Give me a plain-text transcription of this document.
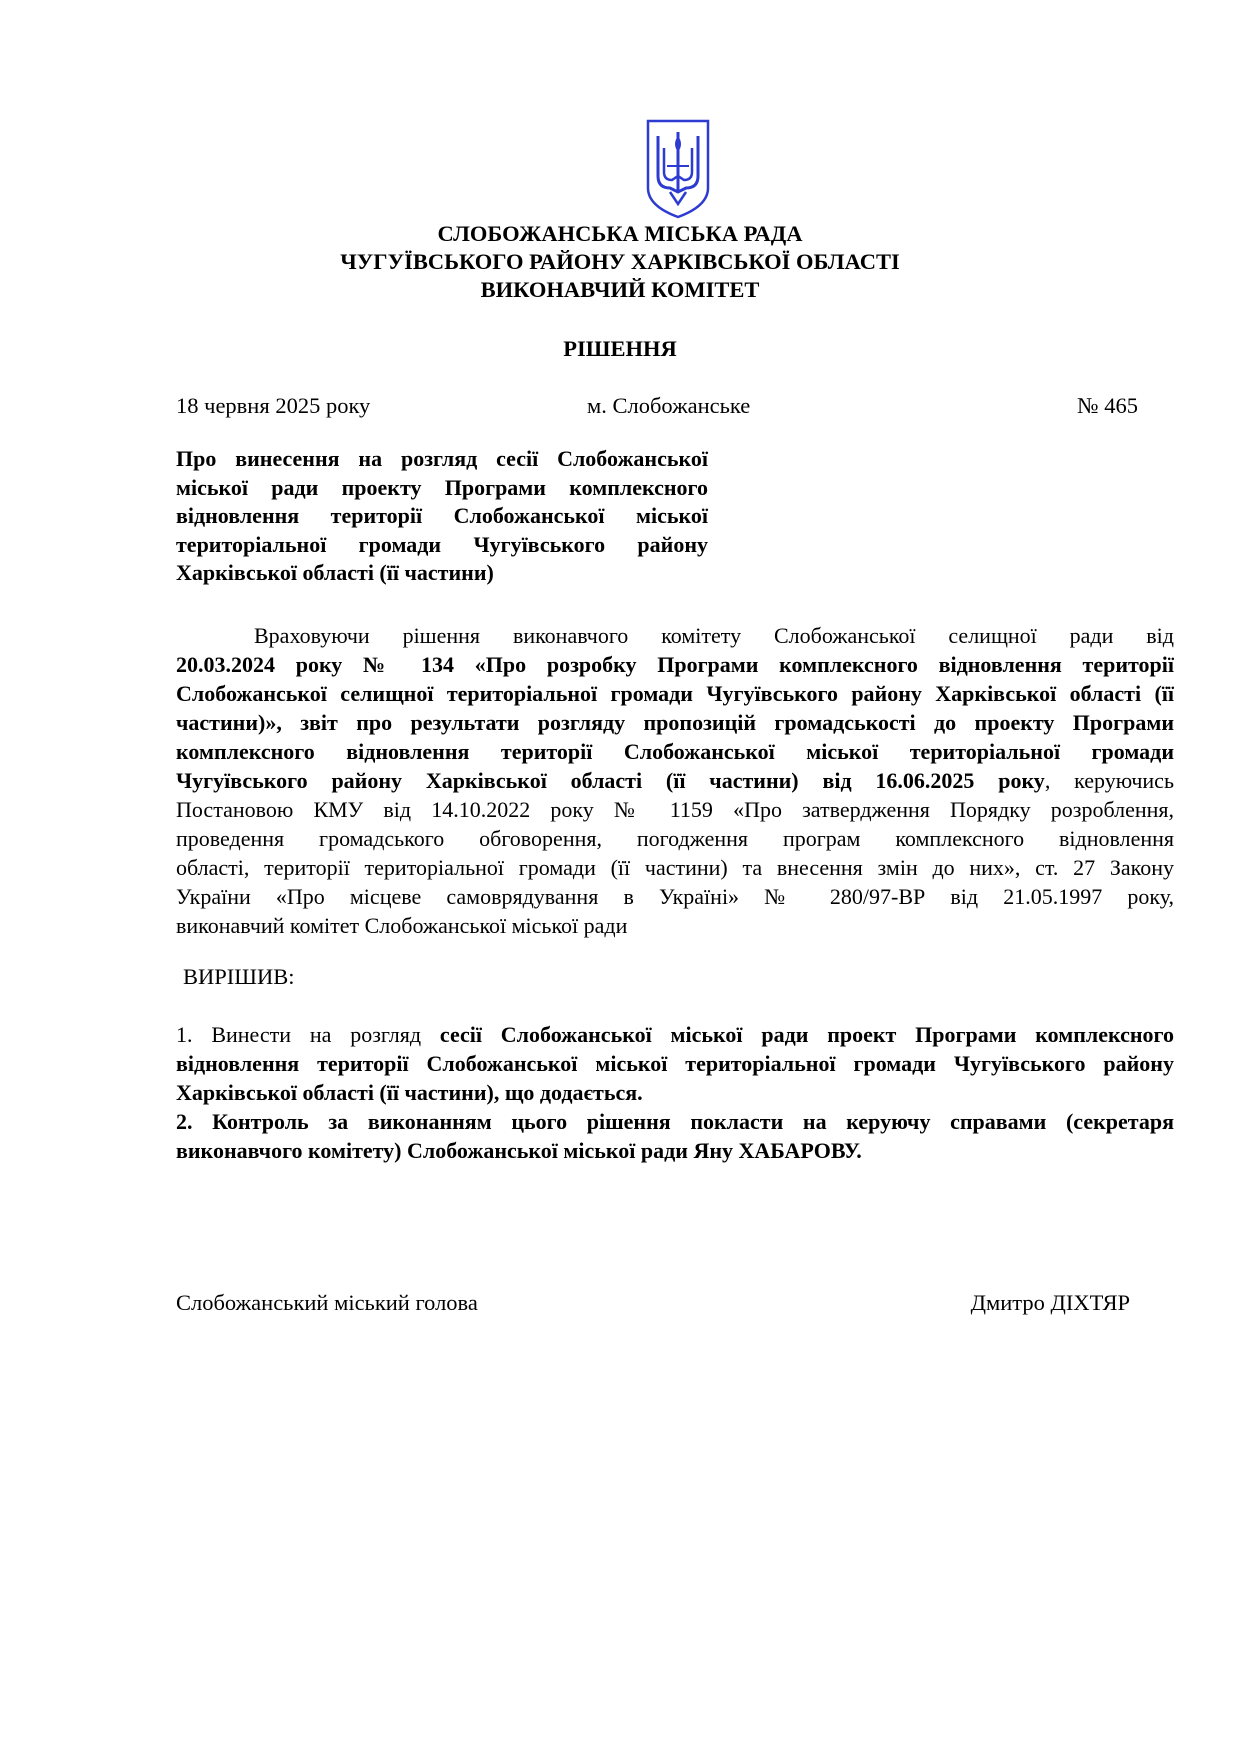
СЛОБОЖАНСЬКА МІСЬКА РАДА
ЧУГУЇВСЬКОГО РАЙОНУ ХАРКІВСЬКОЇ ОБЛАСТІ
ВИКОНАВЧИЙ КОМІТЕТ
РІШЕННЯ
18 червня 2025 року	м. Слобожанське	№ 465
Про винесення на розгляд сесії Слобожанської
міської ради проекту Програми комплексного
відновлення території Слобожанської міської
територіальної громади Чугуївського району
Харківської області (її частини)
Враховуючи рішення виконавчого комітету Слобожанської селищної ради від
20.03.2024 року № 134 «Про розробку Програми комплексного відновлення території
Слобожанської селищної територіальної громади Чугуївського району Харківської області (її
частини)», звіт про результати розгляду пропозицій громадськості до проекту Програми
комплексного відновлення території Слобожанської міської територіальної громади
Чугуївського району Харківської області (її частини) від 16.06.2025 року, керуючись
Постановою КМУ від 14.10.2022 року № 1159 «Про затвердження Порядку розроблення,
проведення громадського обговорення, погодження програм комплексного відновлення
області, території територіальної громади (її частини) та внесення змін до них», ст. 27 Закону
України «Про місцеве самоврядування в Україні» № 280/97-ВР від 21.05.1997 року,
виконавчий комітет Слобожанської міської ради
ВИРІШИВ:
1. Винести на розгляд сесії Слобожанської міської ради проект Програми комплексного
відновлення території Слобожанської міської територіальної громади Чугуївського району
Харківської області (її частини), що додається.
2. Контроль за виконанням цього рішення покласти на керуючу справами (секретаря
виконавчого комітету) Слобожанської міської ради Яну ХАБАРОВУ.
Слобожанський міський голова	Дмитро ДІХТЯР
